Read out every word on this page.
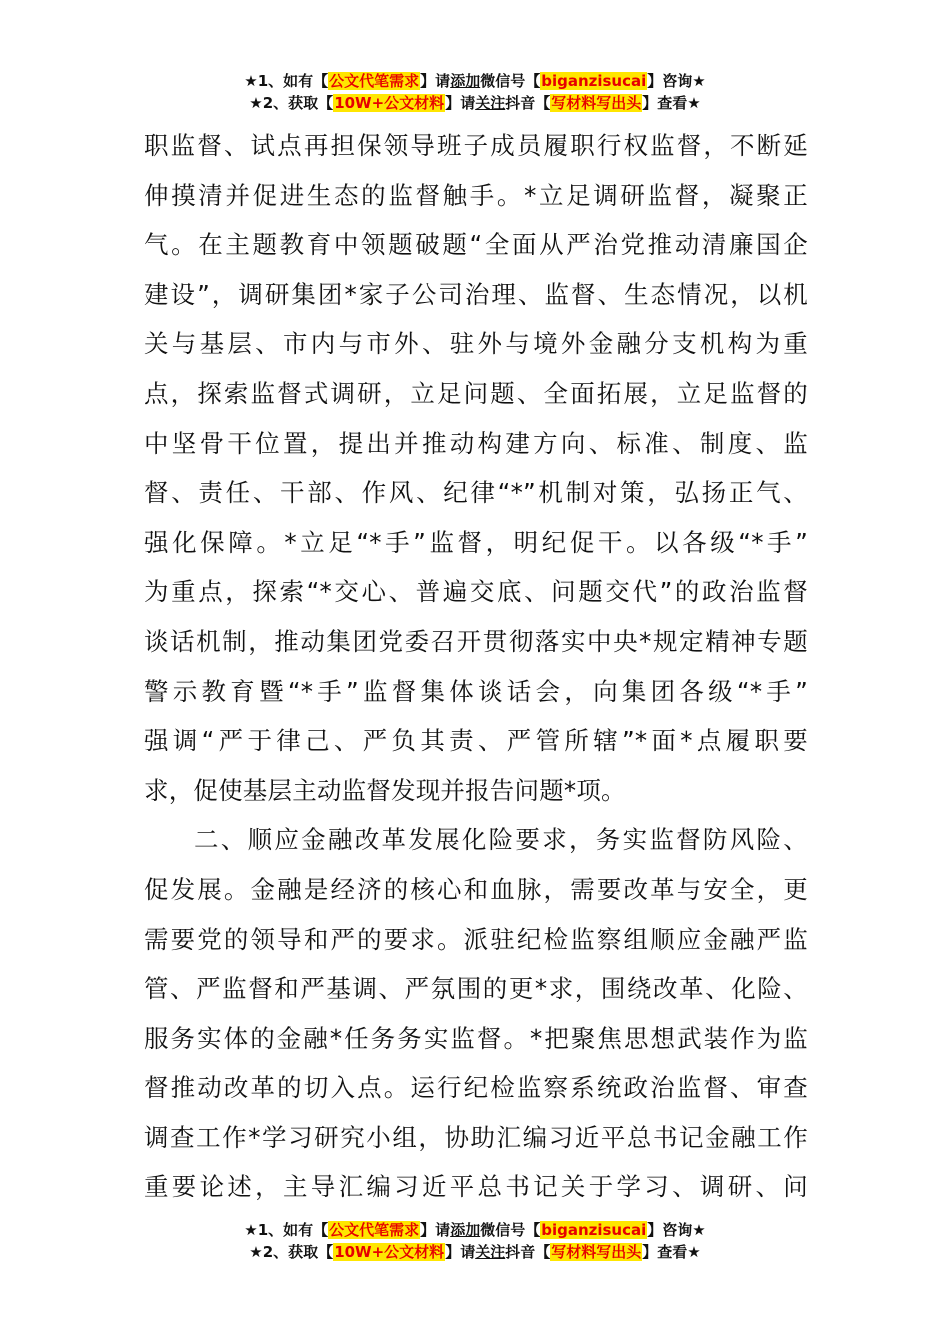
★1、如有【公文代笔需求】请添加微信号【biganzisucai】咨询★
★2、获取【10W+公文材料】请关注抖音【写材料写出头】查看★
职监督、试点再担保领导班子成员履职行权监督，不断延
伸摸清并促进生态的监督触手。*立足调研监督，凝聚正
气。在主题教育中领题破题“全面从严治党推动清廉国企
建设”，调研集团*家子公司治理、监督、生态情况，以机
关与基层、市内与市外、驻外与境外金融分支机构为重
点，探索监督式调研，立足问题、全面拓展，立足监督的
中坚骨干位置，提出并推动构建方向、标准、制度、监
督、责任、干部、作风、纪律“*”机制对策，弘扬正气、
强化保障。*立足“*手”监督，明纪促干。以各级“*手”
为重点，探索“*交心、普遍交底、问题交代”的政治监督
谈话机制，推动集团党委召开贯彻落实中央*规定精神专题
警示教育暨“*手”监督集体谈话会，向集团各级“*手”
强调“严于律己、严负其责、严管所辖”*面*点履职要
求，促使基层主动监督发现并报告问题*项。
二、顺应金融改革发展化险要求，务实监督防风险、
促发展。金融是经济的核心和血脉，需要改革与安全，更
需要党的领导和严的要求。派驻纪检监察组顺应金融严监
管、严监督和严基调、严氛围的更*求，围绕改革、化险、
服务实体的金融*任务务实监督。*把聚焦思想武装作为监
督推动改革的切入点。运行纪检监察系统政治监督、审查
调查工作*学习研究小组，协助汇编习近平总书记金融工作
重要论述，主导汇编习近平总书记关于学习、调研、问
★1、如有【公文代笔需求】请添加微信号【biganzisucai】咨询★
★2、获取【10W+公文材料】请关注抖音【写材料写出头】查看★
